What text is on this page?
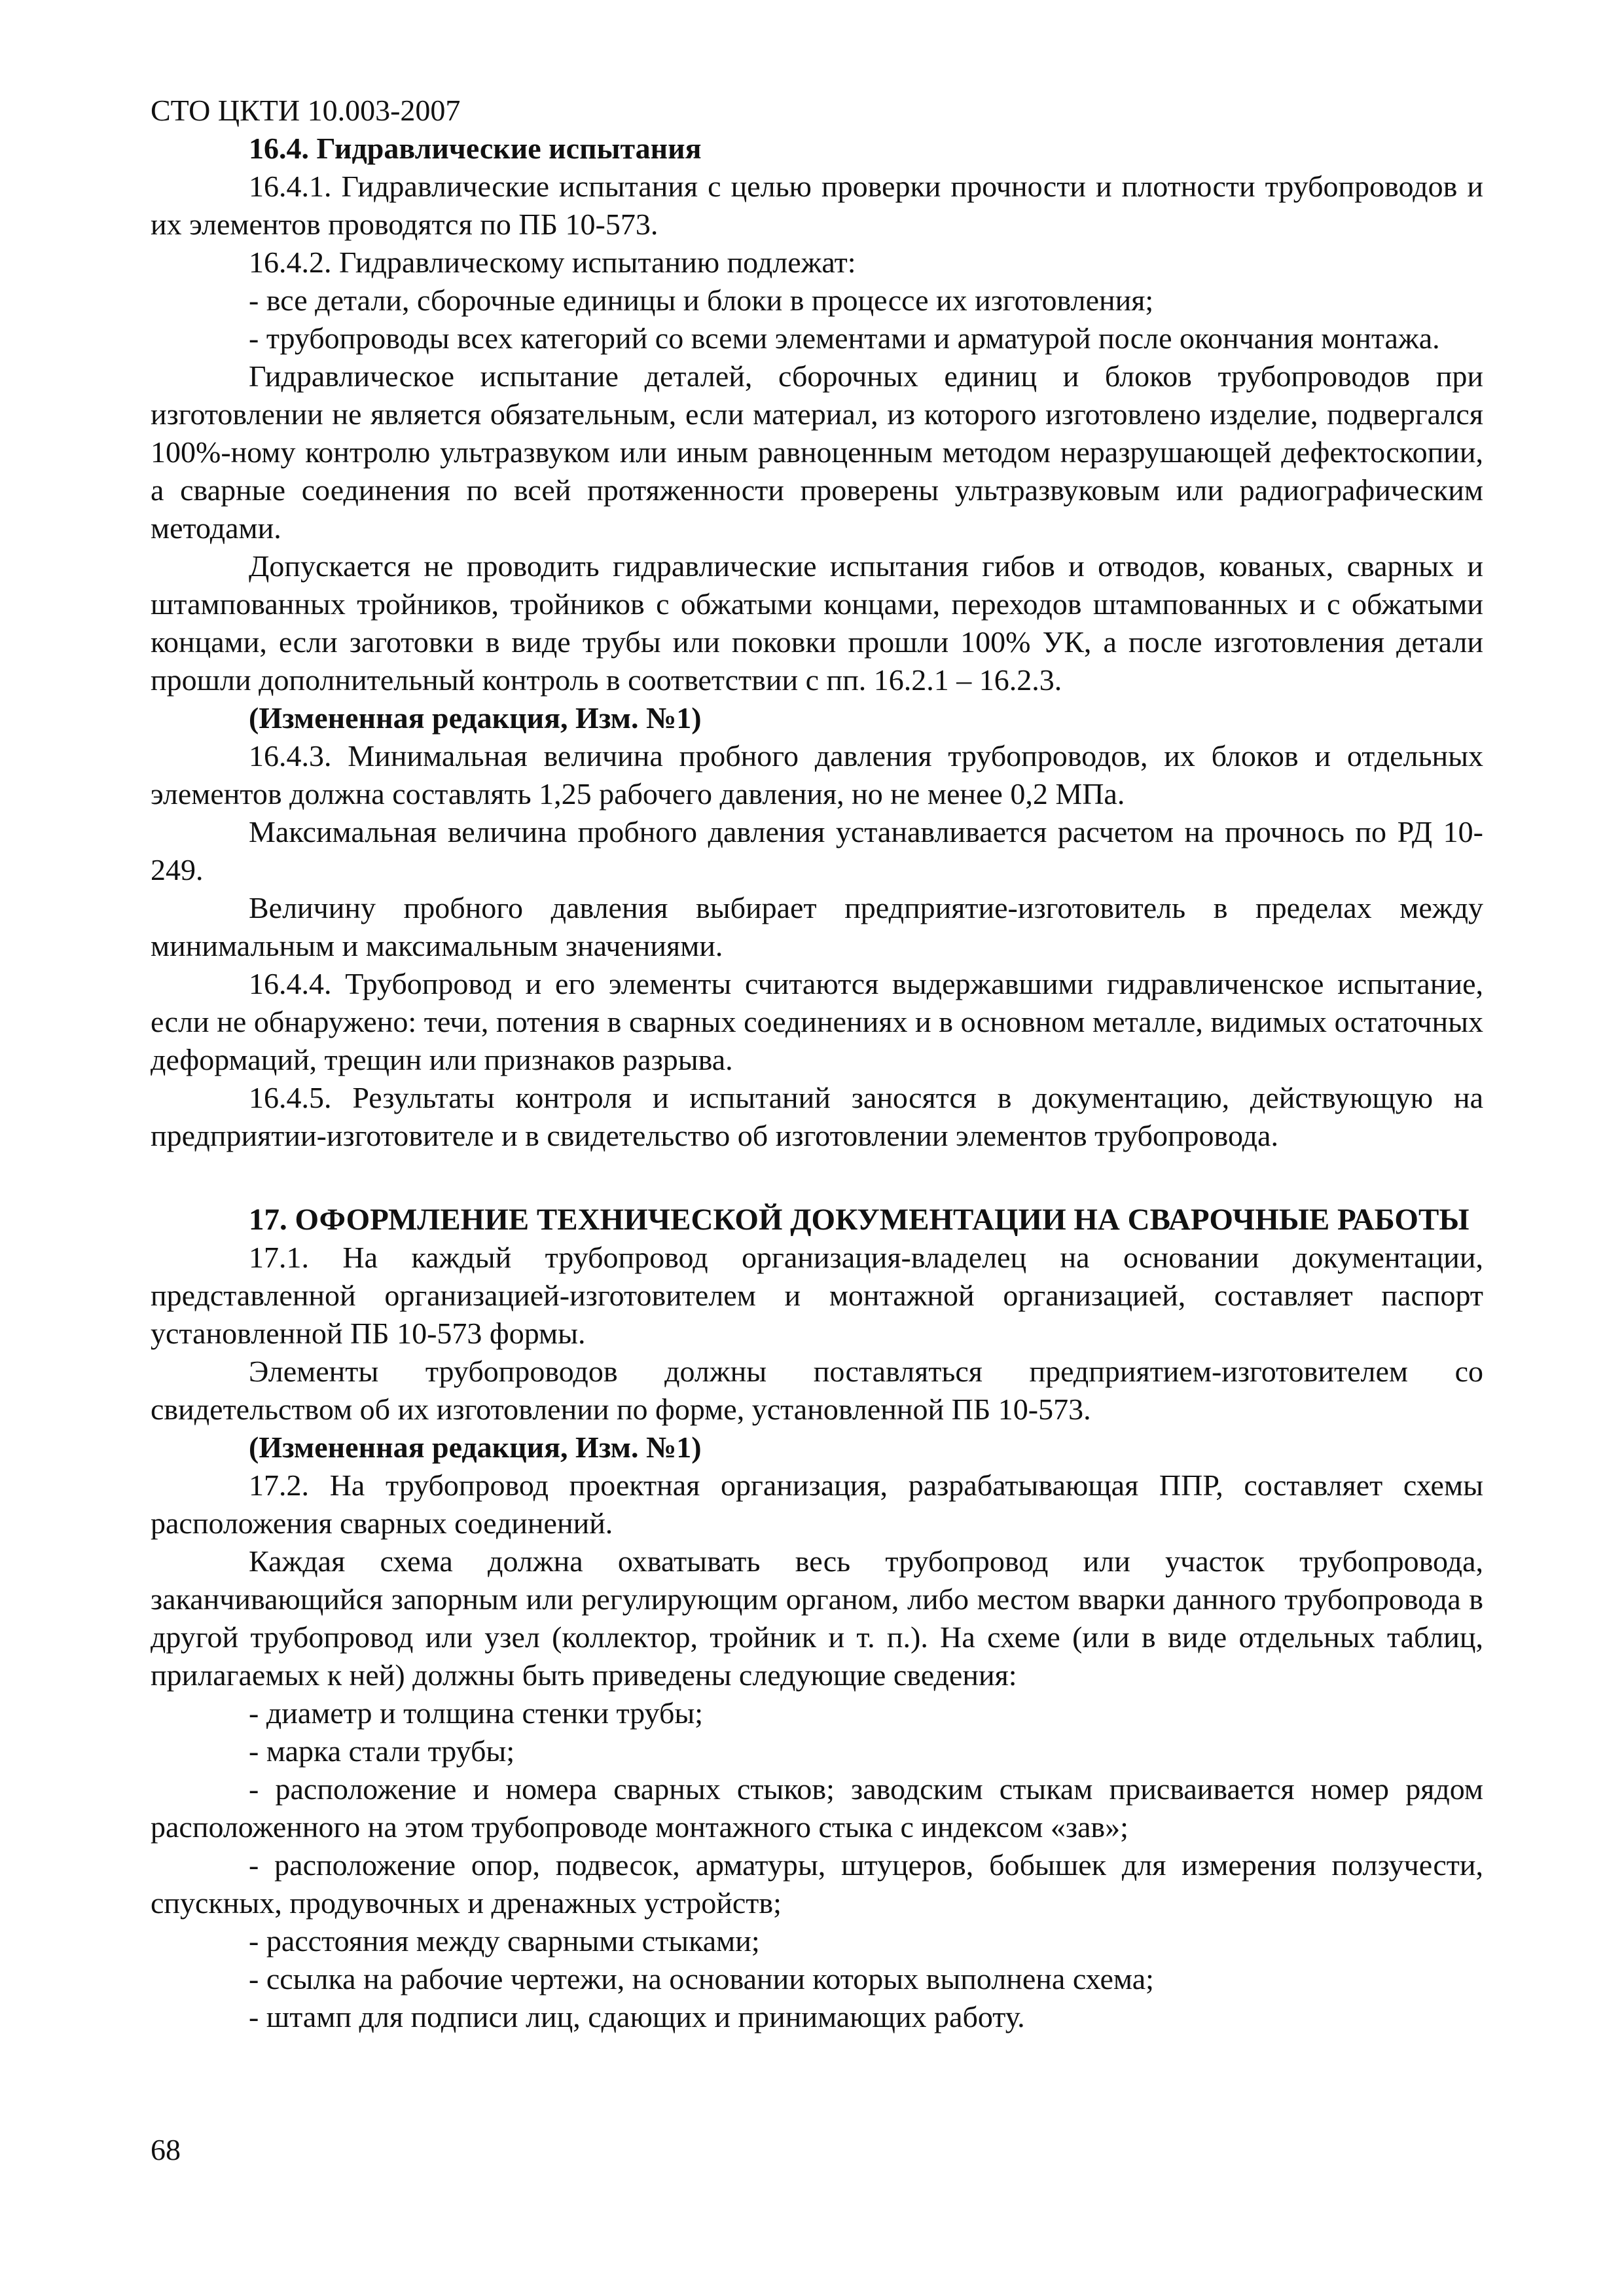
СТО ЦКТИ 10.003-2007

16.4. Гидравлические испытания

16.4.1. Гидравлические испытания с целью проверки прочности и плотности трубопроводов и их элементов проводятся по ПБ 10-573.

16.4.2. Гидравлическому испытанию подлежат:

- все детали, сборочные единицы и блоки в процессе их изготовления;

- трубопроводы всех категорий со всеми элементами и арматурой после окончания монтажа.

Гидравлическое испытание деталей, сборочных единиц и блоков трубопроводов при изготовлении не является обязательным, если материал, из которого изготовлено изделие, подвергался 100%-ному контролю ультразвуком или иным равноценным методом неразрушающей дефектоскопии, а сварные соединения по всей протяженности проверены ультразвуковым или радиографическим методами.

Допускается не проводить гидравлические испытания гибов и отводов, кованых, сварных и штампованных тройников, тройников с обжатыми концами, переходов штампованных и с обжатыми концами, если заготовки в виде трубы или поковки прошли 100% УК, а после изготовления детали прошли дополнительный контроль в соответствии с пп. 16.2.1 – 16.2.3.

(Измененная редакция, Изм. №1)

16.4.3. Минимальная величина пробного давления трубопроводов, их блоков и отдельных элементов должна составлять 1,25 рабочего давления, но не менее 0,2 МПа.

Максимальная величина пробного давления устанавливается расчетом на прочнось по РД 10-249.

Величину пробного давления выбирает предприятие-изготовитель в пределах между минимальным и максимальным значениями.

16.4.4. Трубопровод и его элементы считаются выдержавшими гидравличенское испытание, если не обнаружено: течи, потения в сварных соединениях и в основном металле, видимых остаточных деформаций, трещин или признаков разрыва.

16.4.5. Результаты контроля и испытаний заносятся в документацию, действующую на предприятии-изготовителе и в свидетельство об изготовлении элементов трубопровода.

17. ОФОРМЛЕНИЕ ТЕХНИЧЕСКОЙ ДОКУМЕНТАЦИИ НА СВАРОЧНЫЕ РАБОТЫ

17.1. На каждый трубопровод организация-владелец на основании документации, представленной организацией-изготовителем и монтажной организацией, составляет паспорт установленной ПБ 10-573 формы.

Элементы трубопроводов должны поставляться предприятием-изготовителем со свидетельством об их изготовлении по форме, установленной ПБ 10-573.

(Измененная редакция, Изм. №1)

17.2. На трубопровод проектная организация, разрабатывающая ППР, составляет схемы расположения сварных соединений.

Каждая схема должна охватывать весь трубопровод или участок трубопровода, заканчивающийся запорным или регулирующим органом, либо местом вварки данного трубопровода в другой трубопровод или узел (коллектор, тройник и т. п.). На схеме (или в виде отдельных таблиц, прилагаемых к ней) должны быть приведены следующие сведения:

- диаметр и толщина стенки трубы;

- марка стали трубы;

- расположение и номера сварных стыков; заводским стыкам присваивается номер рядом расположенного на этом трубопроводе монтажного стыка с индексом «зав»;

- расположение опор, подвесок, арматуры, штуцеров, бобышек для измерения ползучести, спускных, продувочных и дренажных устройств;

- расстояния между сварными стыками;

- ссылка на рабочие чертежи, на основании которых выполнена схема;

- штамп для подписи лиц, сдающих и принимающих работу.

68
